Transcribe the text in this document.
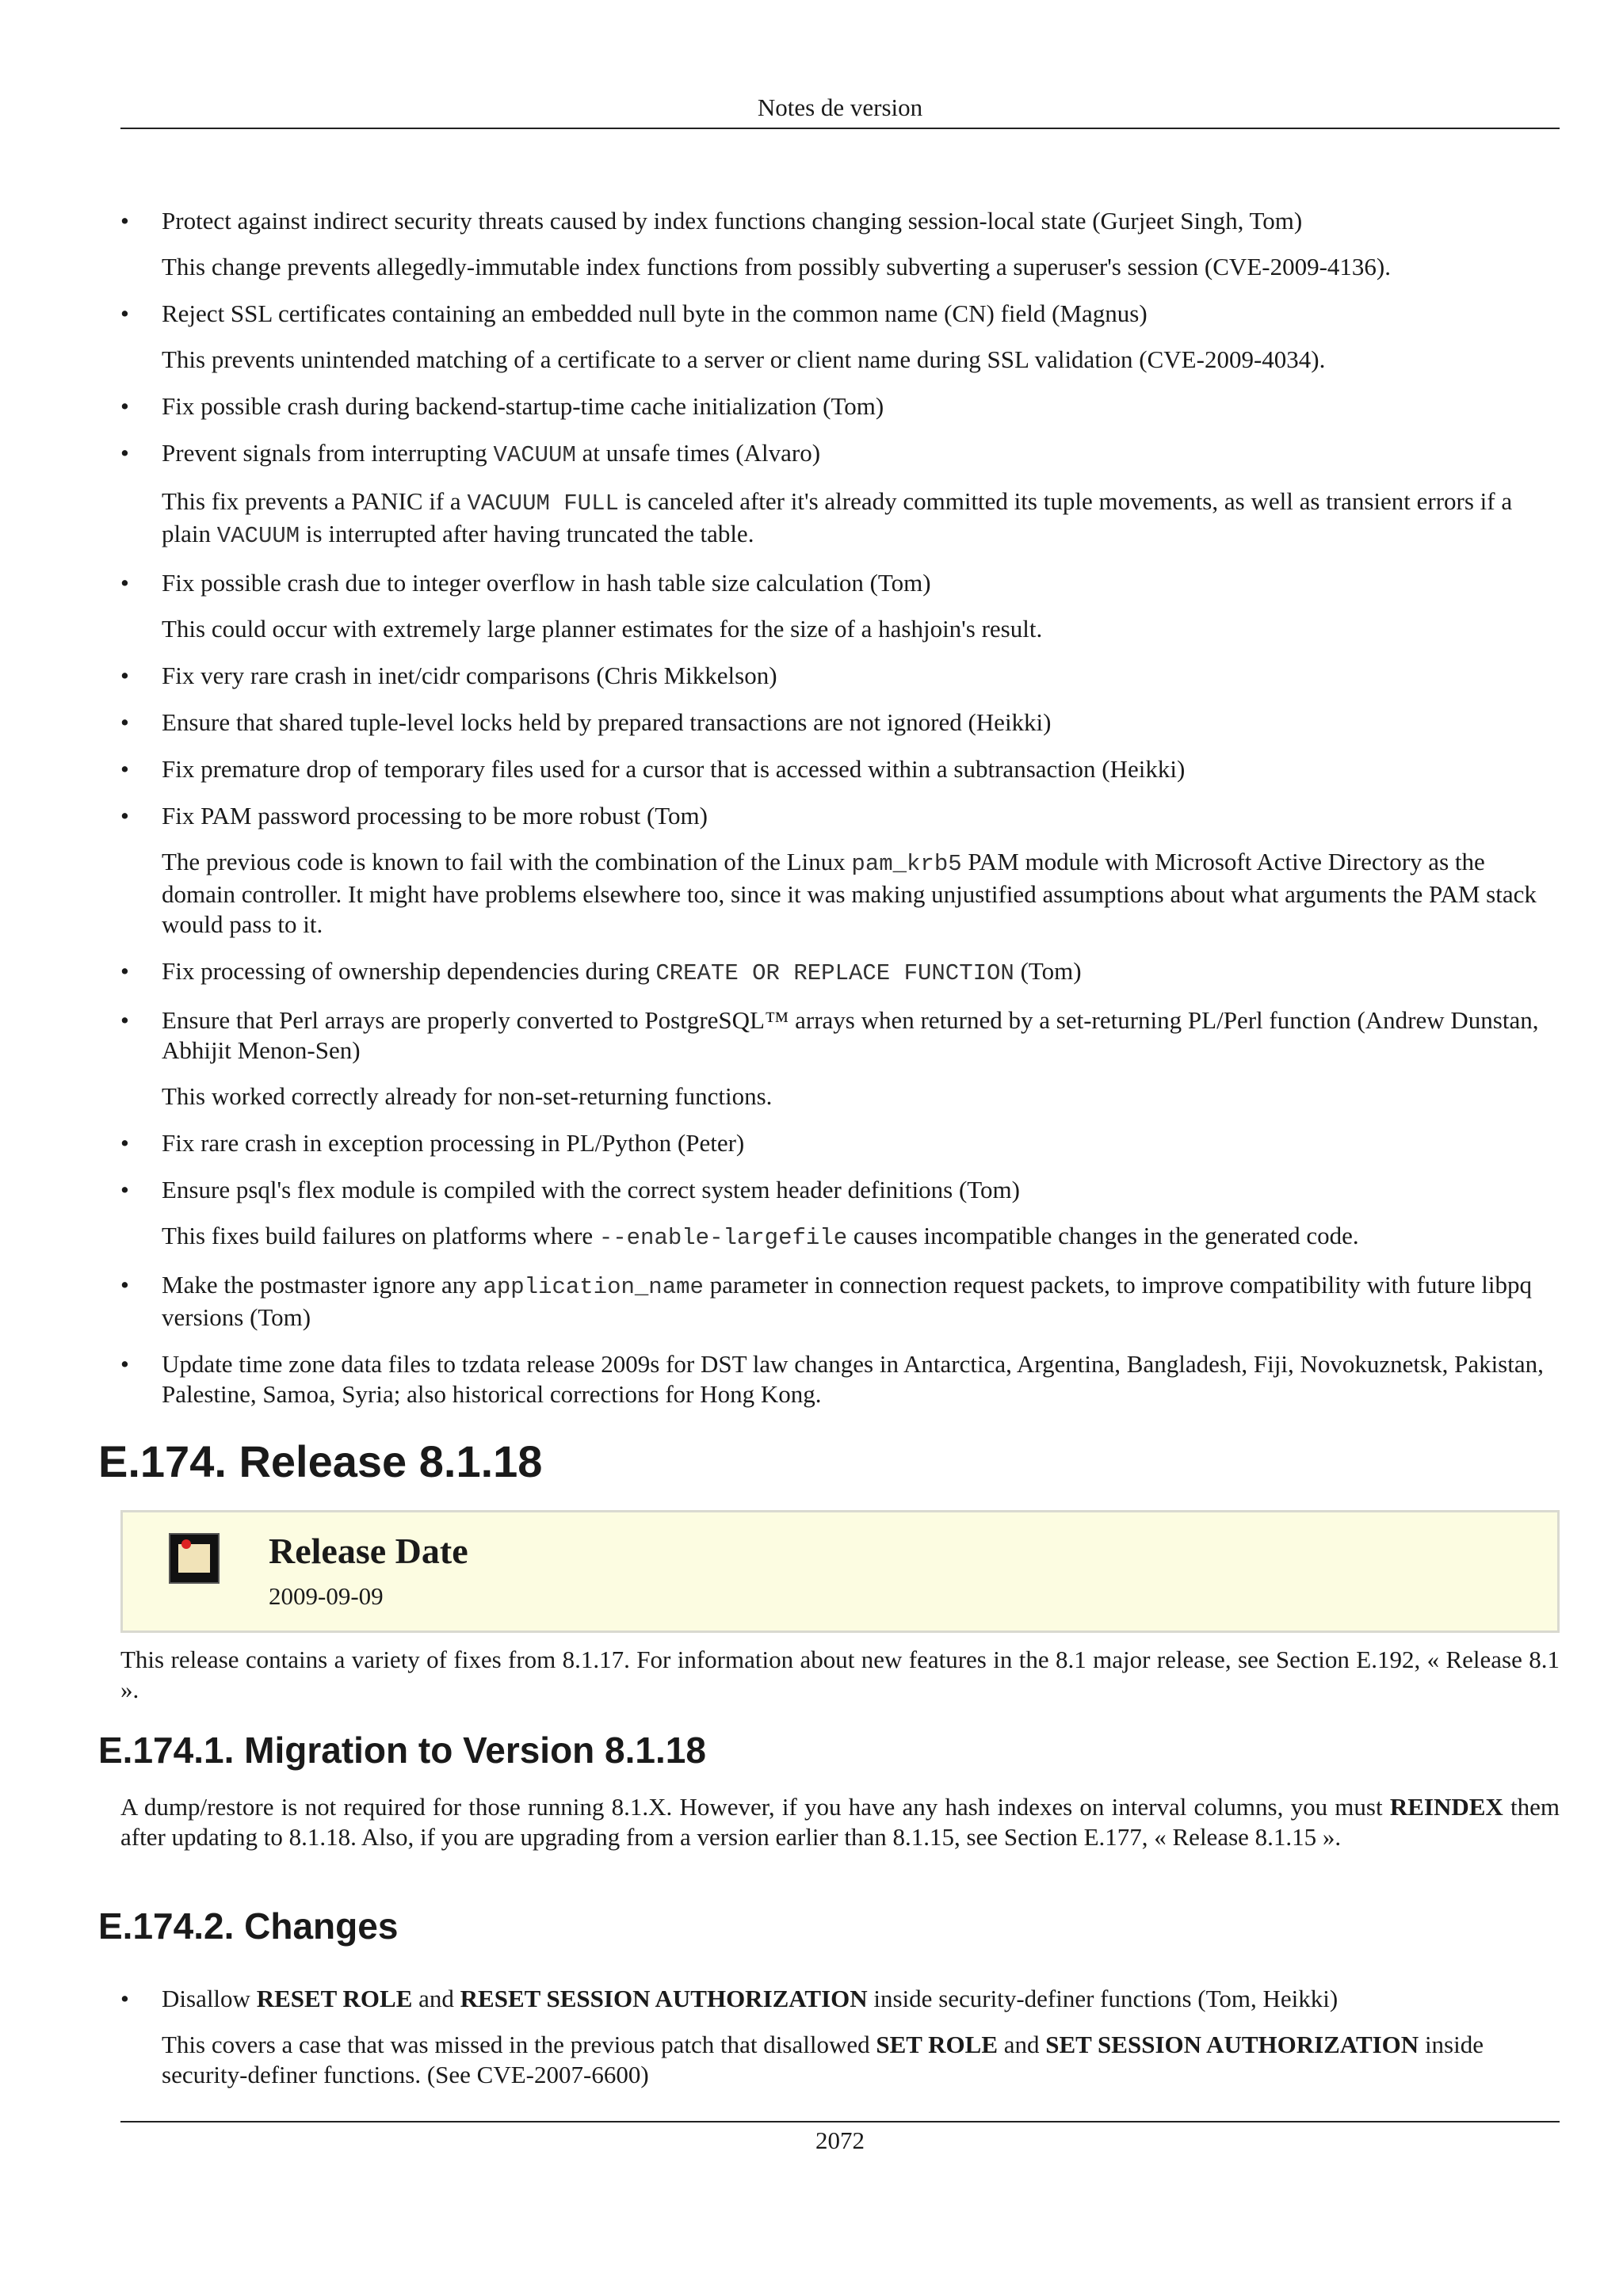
Notes de version
• Protect against indirect security threats caused by index functions changing session-local state (Gurjeet Singh, Tom)

This change prevents allegedly-immutable index functions from possibly subverting a superuser's session (CVE-2009-4136).

• Reject SSL certificates containing an embedded null byte in the common name (CN) field (Magnus)

This prevents unintended matching of a certificate to a server or client name during SSL validation (CVE-2009-4034).

• Fix possible crash during backend-startup-time cache initialization (Tom)

• Prevent signals from interrupting VACUUM at unsafe times (Alvaro)

This fix prevents a PANIC if a VACUUM FULL is canceled after it's already committed its tuple movements, as well as transient errors if a plain VACUUM is interrupted after having truncated the table.

• Fix possible crash due to integer overflow in hash table size calculation (Tom)

This could occur with extremely large planner estimates for the size of a hashjoin's result.

• Fix very rare crash in inet/cidr comparisons (Chris Mikkelson)

• Ensure that shared tuple-level locks held by prepared transactions are not ignored (Heikki)

• Fix premature drop of temporary files used for a cursor that is accessed within a subtransaction (Heikki)

• Fix PAM password processing to be more robust (Tom)

The previous code is known to fail with the combination of the Linux pam_krb5 PAM module with Microsoft Active Directory as the domain controller. It might have problems elsewhere too, since it was making unjustified assumptions about what arguments the PAM stack would pass to it.

• Fix processing of ownership dependencies during CREATE OR REPLACE FUNCTION (Tom)

• Ensure that Perl arrays are properly converted to PostgreSQL™ arrays when returned by a set-returning PL/Perl function (Andrew Dunstan, Abhijit Menon-Sen)

This worked correctly already for non-set-returning functions.

• Fix rare crash in exception processing in PL/Python (Peter)

• Ensure psql's flex module is compiled with the correct system header definitions (Tom)

This fixes build failures on platforms where --enable-largefile causes incompatible changes in the generated code.

• Make the postmaster ignore any application_name parameter in connection request packets, to improve compatibility with future libpq versions (Tom)

• Update time zone data files to tzdata release 2009s for DST law changes in Antarctica, Argentina, Bangladesh, Fiji, Novokuznetsk, Pakistan, Palestine, Samoa, Syria; also historical corrections for Hong Kong.

E.174. Release 8.1.18
Release Date
2009-09-09
This release contains a variety of fixes from 8.1.17. For information about new features in the 8.1 major release, see Section E.192, « Release 8.1 ».
E.174.1. Migration to Version 8.1.18
A dump/restore is not required for those running 8.1.X. However, if you have any hash indexes on interval columns, you must REINDEX them after updating to 8.1.18. Also, if you are upgrading from a version earlier than 8.1.15, see Section E.177, « Release 8.1.15 ».
E.174.2. Changes
• Disallow RESET ROLE and RESET SESSION AUTHORIZATION inside security-definer functions (Tom, Heikki)

This covers a case that was missed in the previous patch that disallowed SET ROLE and SET SESSION AUTHORIZATION inside security-definer functions. (See CVE-2007-6600)

2072
